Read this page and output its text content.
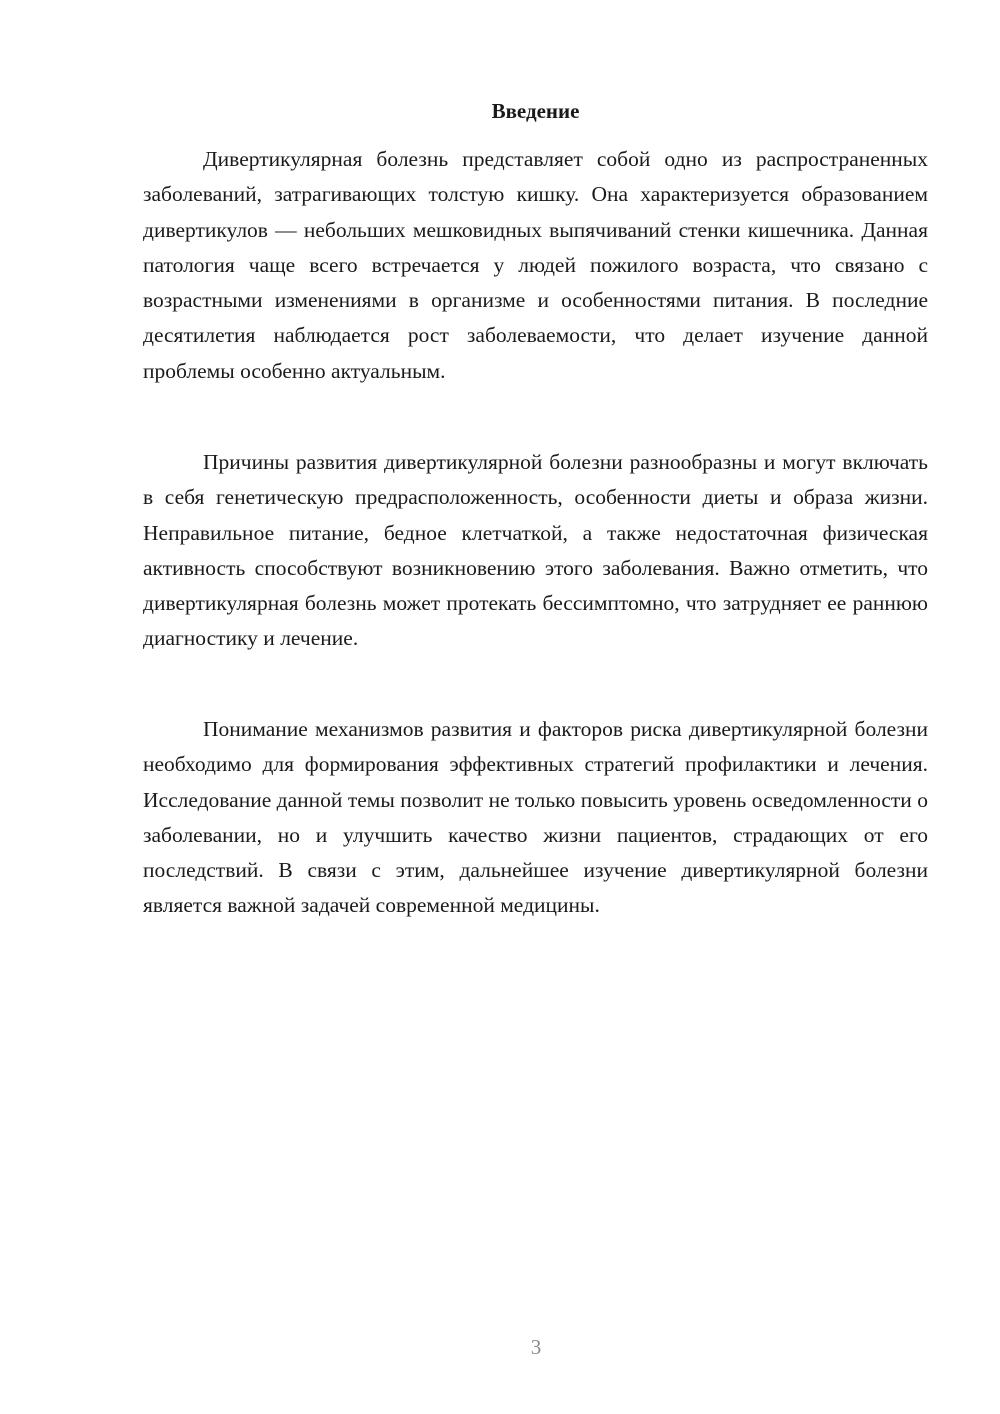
Введение

Дивертикулярная болезнь представляет собой одно из распространенных заболеваний, затрагивающих толстую кишку. Она характеризуется образованием дивертикулов — небольших мешковидных выпячиваний стенки кишечника. Данная патология чаще всего встречается у людей пожилого возраста, что связано с возрастными изменениями в организме и особенностями питания. В последние десятилетия наблюдается рост заболеваемости, что делает изучение данной проблемы особенно актуальным.

Причины развития дивертикулярной болезни разнообразны и могут включать в себя генетическую предрасположенность, особенности диеты и образа жизни. Неправильное питание, бедное клетчаткой, а также недостаточная физическая активность способствуют возникновению этого заболевания. Важно отметить, что дивертикулярная болезнь может протекать бессимптомно, что затрудняет ее раннюю диагностику и лечение.

Понимание механизмов развития и факторов риска дивертикулярной болезни необходимо для формирования эффективных стратегий профилактики и лечения. Исследование данной темы позволит не только повысить уровень осведомленности о заболевании, но и улучшить качество жизни пациентов, страдающих от его последствий. В связи с этим, дальнейшее изучение дивертикулярной болезни является важной задачей современной медицины.

3
